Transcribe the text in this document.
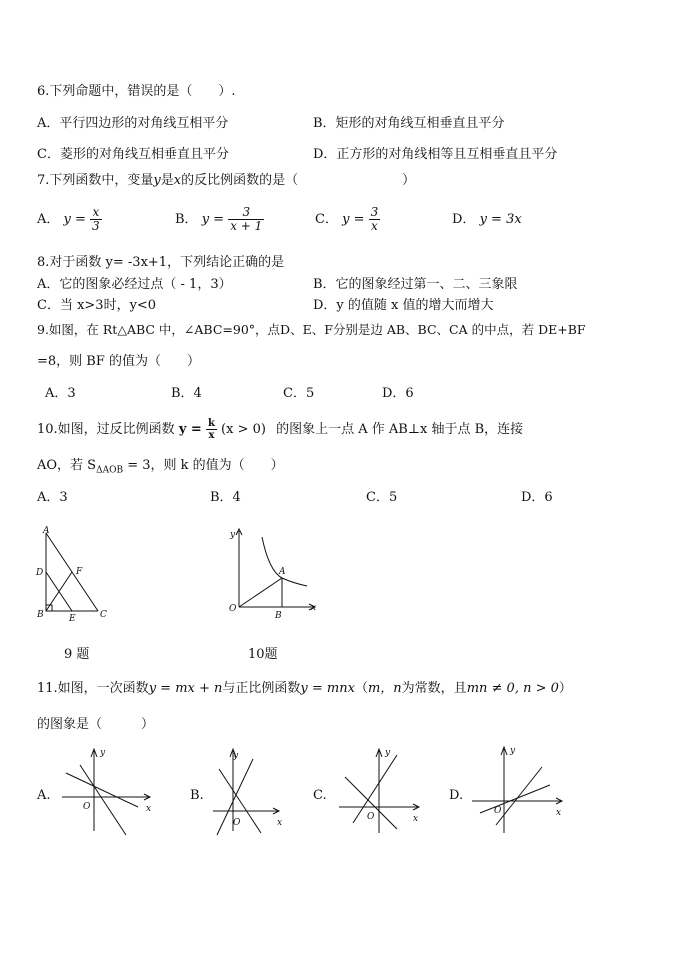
6.下列命题中，错误的是（　　）.
A．平行四边形的对角线互相平分	B．矩形的对角线互相垂直且平分
C．菱形的对角线互相垂直且平分	D．正方形的对角线相等且互相垂直且平分
7.下列函数中，变量y是x的反比例函数的是（　　　　　　　　）
A． $y = \frac{x}{3}$	B． $y = \frac{3}{x + 1}$	C． $y = \frac{3}{x}$	D． y = 3x
8.对于函数 y= -3x+1，下列结论正确的是
A．它的图象必经过点（ - 1，3）	B．它的图象经过第一、二、三象限
C．当 x>3时，y<0	D．y 的值随 x 值的增大而增大
9.如图，在 Rt△ABC 中，∠ABC=90°，点D、E、F分别是边 AB、BC、CA 的中点，若 DE+BF
=8，则 BF 的值为（　　）
A．3	B．4	C．5	D．6
10.如图，过反比例函数 $y = \frac{k}{x} (x > 0)$ 的图象上一点 A 作 AB⊥x 轴于点 B，连接
AO，若 $S_{\Delta AOB} = 3$，则 k 的值为（　　）
A．3	B．4	C．5	D．6
A
D	F
B	E	C
9 题
y
A
O
B
x
10题
11.如图，一次函数y = mx + n与正比例函数y = mnx（m，n为常数，且mn ≠ 0, n > 0）
的图象是（　　　）
A.
y
O	x
B.
y
O	x
C.
y
O	x
D.
y
O	x
